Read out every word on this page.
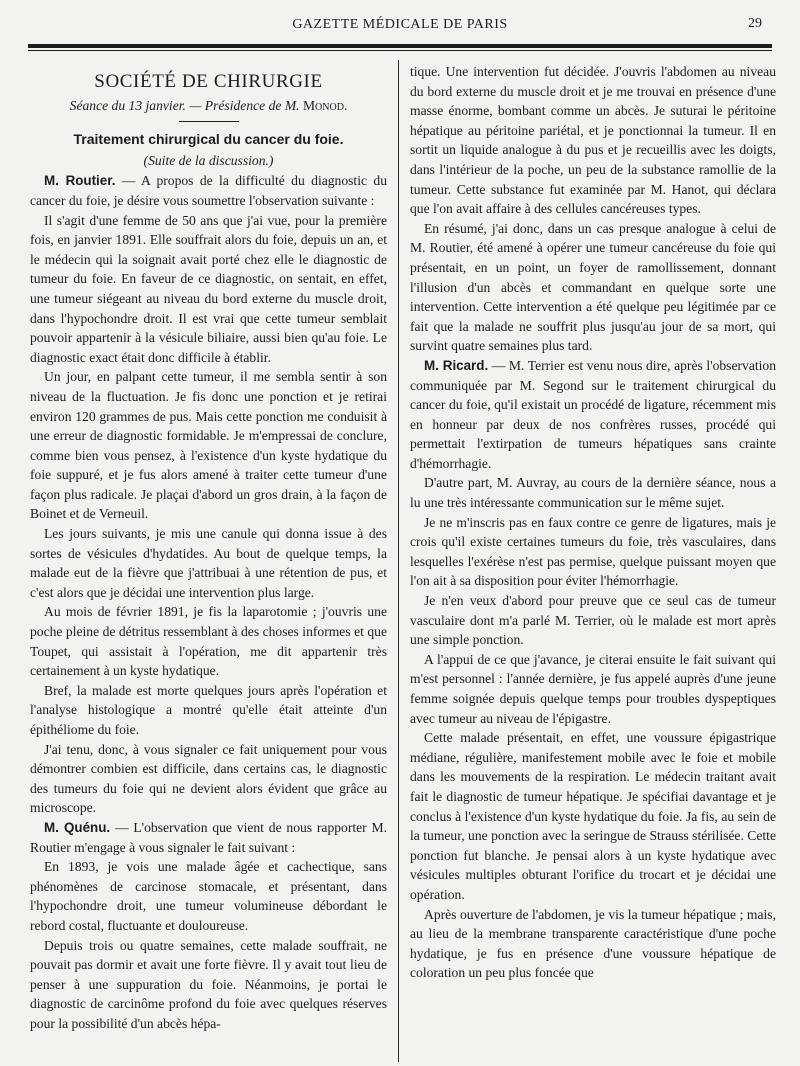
GAZETTE MÉDICALE DE PARIS	29
SOCIÉTÉ DE CHIRURGIE
Séance du 13 janvier. — Présidence de M. Monod.
Traitement chirurgical du cancer du foie.
(Suite de la discussion.)

M. Routier. — A propos de la difficulté du diagnostic du cancer du foie, je désire vous soumettre l'observation suivante :

Il s'agit d'une femme de 50 ans que j'ai vue, pour la première fois, en janvier 1891. Elle souffrait alors du foie, depuis un an, et le médecin qui la soignait avait porté chez elle le diagnostic de tumeur du foie. En faveur de ce diagnostic, on sentait, en effet, une tumeur siégeant au niveau du bord externe du muscle droit, dans l'hypochondre droit. Il est vrai que cette tumeur semblait pouvoir appartenir à la vésicule biliaire, aussi bien qu'au foie. Le diagnostic exact était donc difficile à établir.

Un jour, en palpant cette tumeur, il me sembla sentir à son niveau de la fluctuation. Je fis donc une ponction et je retirai environ 120 grammes de pus. Mais cette ponction me conduisit à une erreur de diagnostic formidable. Je m'empressai de conclure, comme bien vous pensez, à l'existence d'un kyste hydatique du foie suppuré, et je fus alors amené à traiter cette tumeur d'une façon plus radicale. Je plaçai d'abord un gros drain, à la façon de Boinet et de Verneuil.

Les jours suivants, je mis une canule qui donna issue à des sortes de vésicules d'hydatides. Au bout de quelque temps, la malade eut de la fièvre que j'attribuai à une rétention de pus, et c'est alors que je décidai une intervention plus large.

Au mois de février 1891, je fis la laparotomie ; j'ouvris une poche pleine de détritus ressemblant à des choses informes et que Toupet, qui assistait à l'opération, me dit appartenir très certainement à un kyste hydatique.

Bref, la malade est morte quelques jours après l'opération et l'analyse histologique a montré qu'elle était atteinte d'un épithéliome du foie.

J'ai tenu, donc, à vous signaler ce fait uniquement pour vous démontrer combien est difficile, dans certains cas, le diagnostic des tumeurs du foie qui ne devient alors évident que grâce au microscope.

M. Quénu. — L'observation que vient de nous rapporter M. Routier m'engage à vous signaler le fait suivant :

En 1893, je vois une malade âgée et cachectique, sans phénomènes de carcinose stomacale, et présentant, dans l'hypochondre droit, une tumeur volumineuse débordant le rebord costal, fluctuante et douloureuse.

Depuis trois ou quatre semaines, cette malade souffrait, ne pouvait pas dormir et avait une forte fièvre. Il y avait tout lieu de penser à une suppuration du foie. Néanmoins, je portai le diagnostic de carcinôme profond du foie avec quelques réserves pour la possibilité d'un abcès hépa-

tique. Une intervention fut décidée. J'ouvris l'abdomen au niveau du bord externe du muscle droit et je me trouvai en présence d'une masse énorme, bombant comme un abcès. Je suturai le péritoine hépatique au péritoine pariétal, et je ponctionnai la tumeur. Il en sortit un liquide analogue à du pus et je recueillis avec les doigts, dans l'intérieur de la poche, un peu de la substance ramollie de la tumeur. Cette substance fut examinée par M. Hanot, qui déclara que l'on avait affaire à des cellules cancéreuses types.

En résumé, j'ai donc, dans un cas presque analogue à celui de M. Routier, été amené à opérer une tumeur cancéreuse du foie qui présentait, en un point, un foyer de ramollissement, donnant l'illusion d'un abcès et commandant en quelque sorte une intervention. Cette intervention a été quelque peu légitimée par ce fait que la malade ne souffrit plus jusqu'au jour de sa mort, qui survint quatre semaines plus tard.

M. Ricard. — M. Terrier est venu nous dire, après l'observation communiquée par M. Segond sur le traitement chirurgical du cancer du foie, qu'il existait un procédé de ligature, récemment mis en honneur par deux de nos confrères russes, procédé qui permettait l'extirpation de tumeurs hépatiques sans crainte d'hémorrhagie.

D'autre part, M. Auvray, au cours de la dernière séance, nous a lu une très intéressante communication sur le même sujet.

Je ne m'inscris pas en faux contre ce genre de ligatures, mais je crois qu'il existe certaines tumeurs du foie, très vasculaires, dans lesquelles l'exérèse n'est pas permise, quelque puissant moyen que l'on ait à sa disposition pour éviter l'hémorrhagie.

Je n'en veux d'abord pour preuve que ce seul cas de tumeur vasculaire dont m'a parlé M. Terrier, où le malade est mort après une simple ponction.

A l'appui de ce que j'avance, je citerai ensuite le fait suivant qui m'est personnel : l'année dernière, je fus appelé auprès d'une jeune femme soignée depuis quelque temps pour troubles dyspeptiques avec tumeur au niveau de l'épigastre.

Cette malade présentait, en effet, une voussure épigastrique médiane, régulière, manifestement mobile avec le foie et mobile dans les mouvements de la respiration. Le médecin traitant avait fait le diagnostic de tumeur hépatique. Je spécifiai davantage et je conclus à l'existence d'un kyste hydatique du foie. Ja fis, au sein de la tumeur, une ponction avec la seringue de Strauss stérilisée. Cette ponction fut blanche. Je pensai alors à un kyste hydatique avec vésicules multiples obturant l'orifice du trocart et je décidai une opération.

Après ouverture de l'abdomen, je vis la tumeur hépatique ; mais, au lieu de la membrane transparente caractéristique d'une poche hydatique, je fus en présence d'une voussure hépatique de coloration un peu plus foncée que
